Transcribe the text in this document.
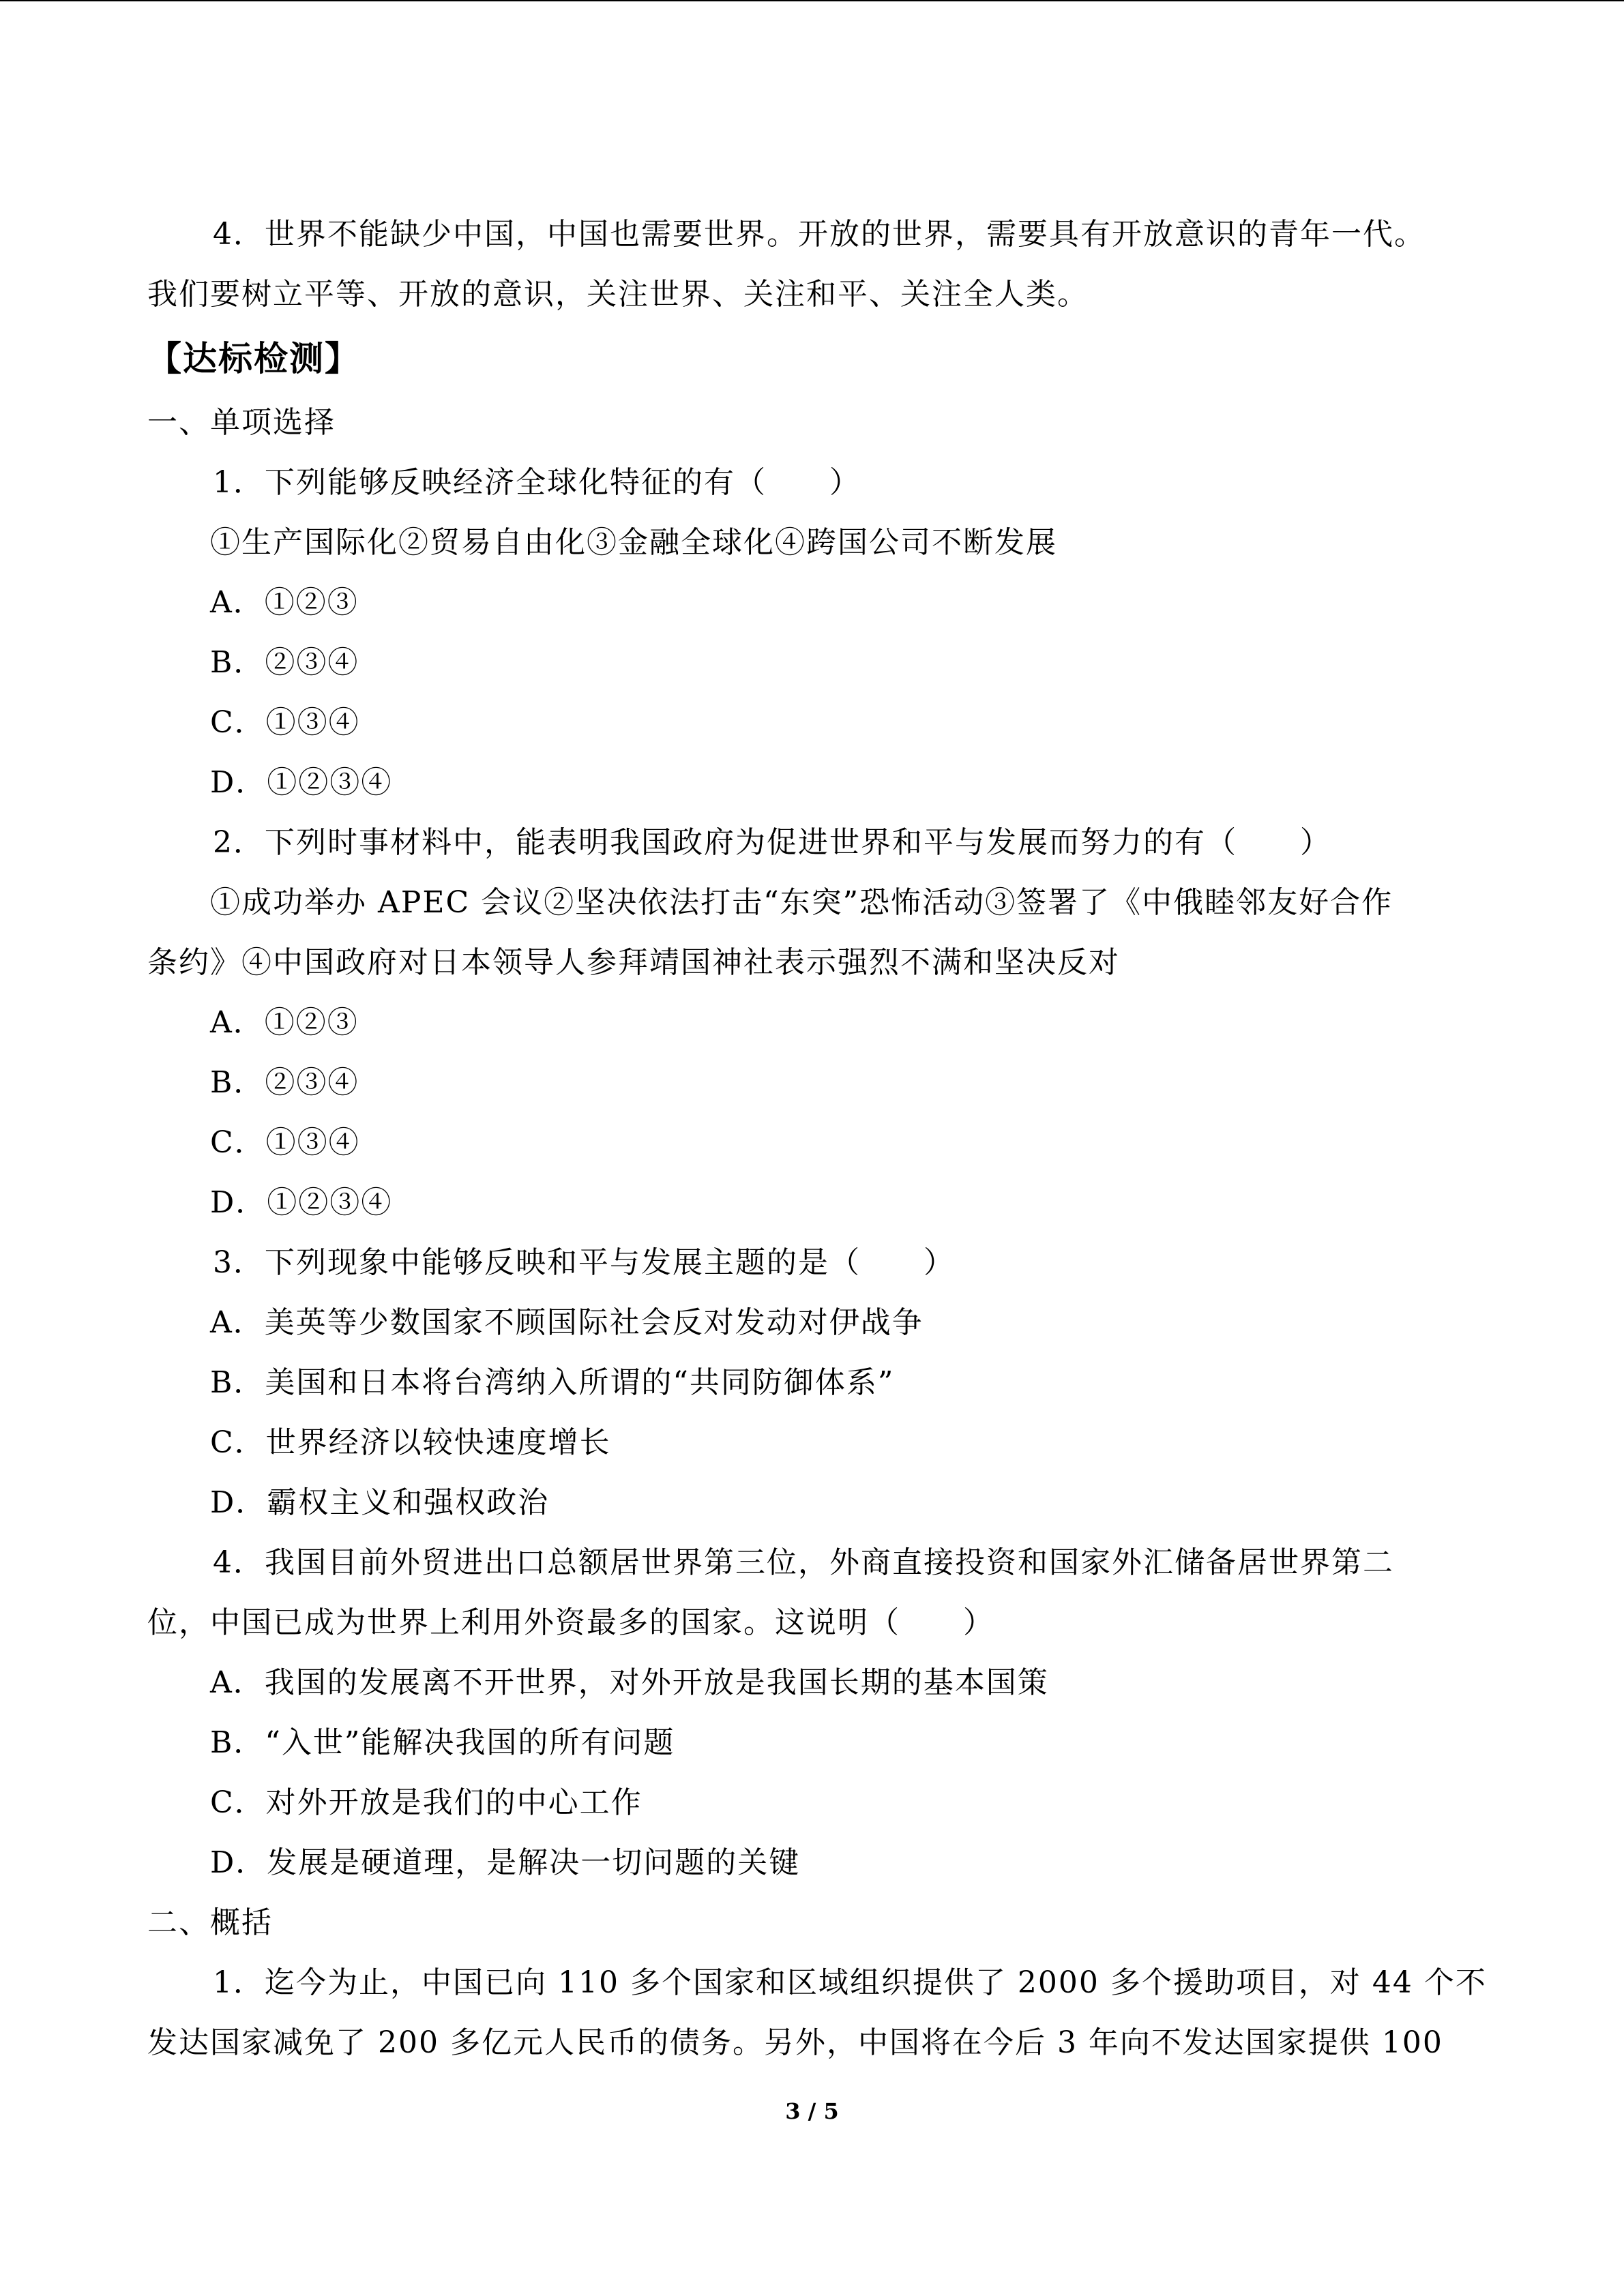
4．世界不能缺少中国，中国也需要世界。开放的世界，需要具有开放意识的青年一代。
我们要树立平等、开放的意识，关注世界、关注和平、关注全人类。
【达标检测】
一、单项选择
1．下列能够反映经济全球化特征的有（　　）
①生产国际化②贸易自由化③金融全球化④跨国公司不断发展
A．①②③
B．②③④
C．①③④
D．①②③④
2．下列时事材料中，能表明我国政府为促进世界和平与发展而努力的有（　　）
①成功举办 APEC 会议②坚决依法打击“东突”恐怖活动③签署了《中俄睦邻友好合作
条约》④中国政府对日本领导人参拜靖国神社表示强烈不满和坚决反对
A．①②③
B．②③④
C．①③④
D．①②③④
3．下列现象中能够反映和平与发展主题的是（　　）
A．美英等少数国家不顾国际社会反对发动对伊战争
B．美国和日本将台湾纳入所谓的“共同防御体系”
C．世界经济以较快速度增长
D．霸权主义和强权政治
4．我国目前外贸进出口总额居世界第三位，外商直接投资和国家外汇储备居世界第二
位，中国已成为世界上利用外资最多的国家。这说明（　　）
A．我国的发展离不开世界，对外开放是我国长期的基本国策
B．“入世”能解决我国的所有问题
C．对外开放是我们的中心工作
D．发展是硬道理，是解决一切问题的关键
二、概括
1．迄今为止，中国已向 110 多个国家和区域组织提供了 2000 多个援助项目，对 44 个不
发达国家减免了 200 多亿元人民币的债务。另外，中国将在今后 3 年向不发达国家提供 100
3 / 5
